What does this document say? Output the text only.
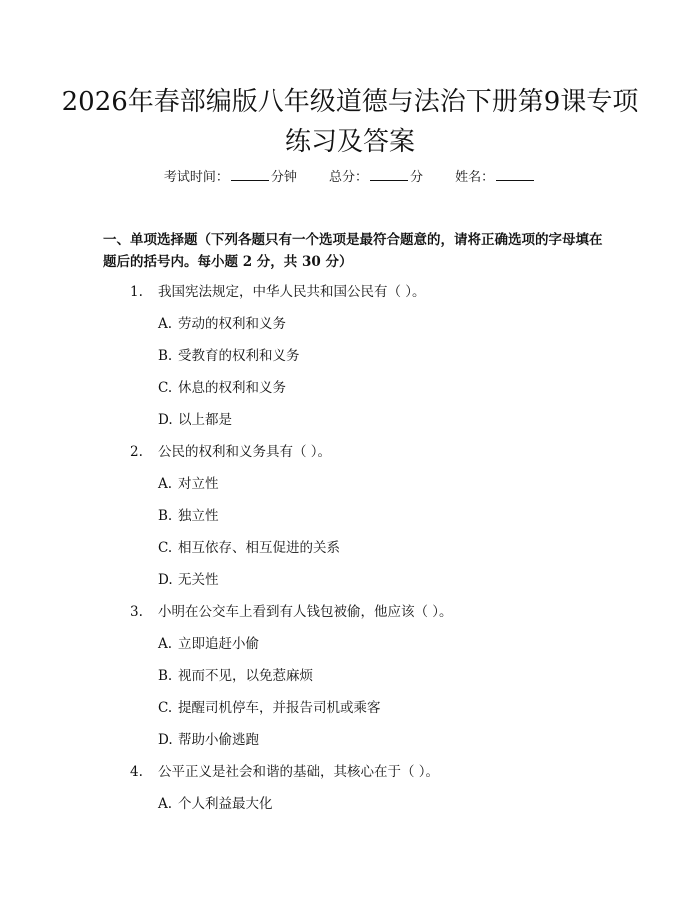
2026年春部编版八年级道德与法治下册第9课专项练习及答案
考试时间：	分钟 总分：	分 姓名：

一、单项选择题（下列各题只有一个选项是最符合题意的，请将正确选项的字母填在题后的括号内。每小题 2 分，共 30 分）

1. 我国宪法规定，中华人民共和国公民有（ ）。
A. 劳动的权利和义务
B. 受教育的权利和义务
C. 休息的权利和义务
D. 以上都是
2. 公民的权利和义务具有（ ）。
A. 对立性
B. 独立性
C. 相互依存、相互促进的关系
D. 无关性
3. 小明在公交车上看到有人钱包被偷，他应该（ ）。
A. 立即追赶小偷
B. 视而不见，以免惹麻烦
C. 提醒司机停车，并报告司机或乘客
D. 帮助小偷逃跑
4. 公平正义是社会和谐的基础，其核心在于（ ）。
A. 个人利益最大化
